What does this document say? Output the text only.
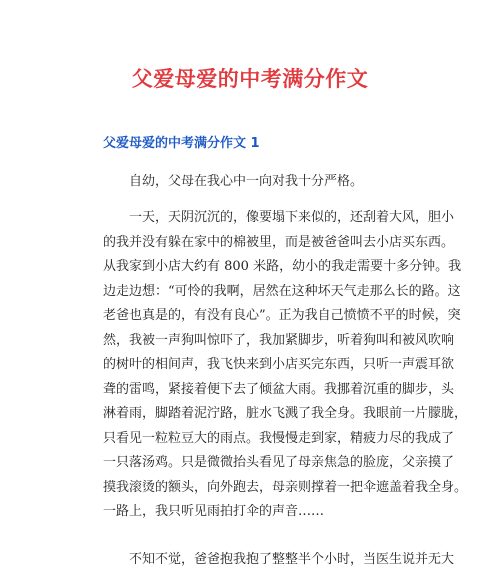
父爱母爱的中考满分作文
父爱母爱的中考满分作文 1
　　自幼，父母在我心中一向对我十分严格。
　　一天，天阴沉沉的，像要塌下来似的，还刮着大风，胆小
的我并没有躲在家中的棉被里，而是被爸爸叫去小店买东西。
从我家到小店大约有 800 米路，幼小的我走需要十多分钟。我
边走边想：“可怜的我啊，居然在这种坏天气走那么长的路。这
老爸也真是的，有没有良心”。正为我自己愤愤不平的时候，突
然，我被一声狗叫惊吓了，我加紧脚步，听着狗叫和被风吹响
的树叶的相间声，我飞快来到小店买完东西，只听一声震耳欲
聋的雷鸣，紧接着便下去了倾盆大雨。我挪着沉重的脚步，头
淋着雨，脚踏着泥泞路，脏水飞溅了我全身。我眼前一片朦胧，
只看见一粒粒豆大的雨点。我慢慢走到家，精疲力尽的我成了
一只落汤鸡。只是微微抬头看见了母亲焦急的脸庞，父亲摸了
摸我滚烫的额头，向外跑去，母亲则撑着一把伞遮盖着我全身。
一路上，我只听见雨拍打伞的声音……
　　不知不觉，爸爸抱我抱了整整半个小时，当医生说并无大
